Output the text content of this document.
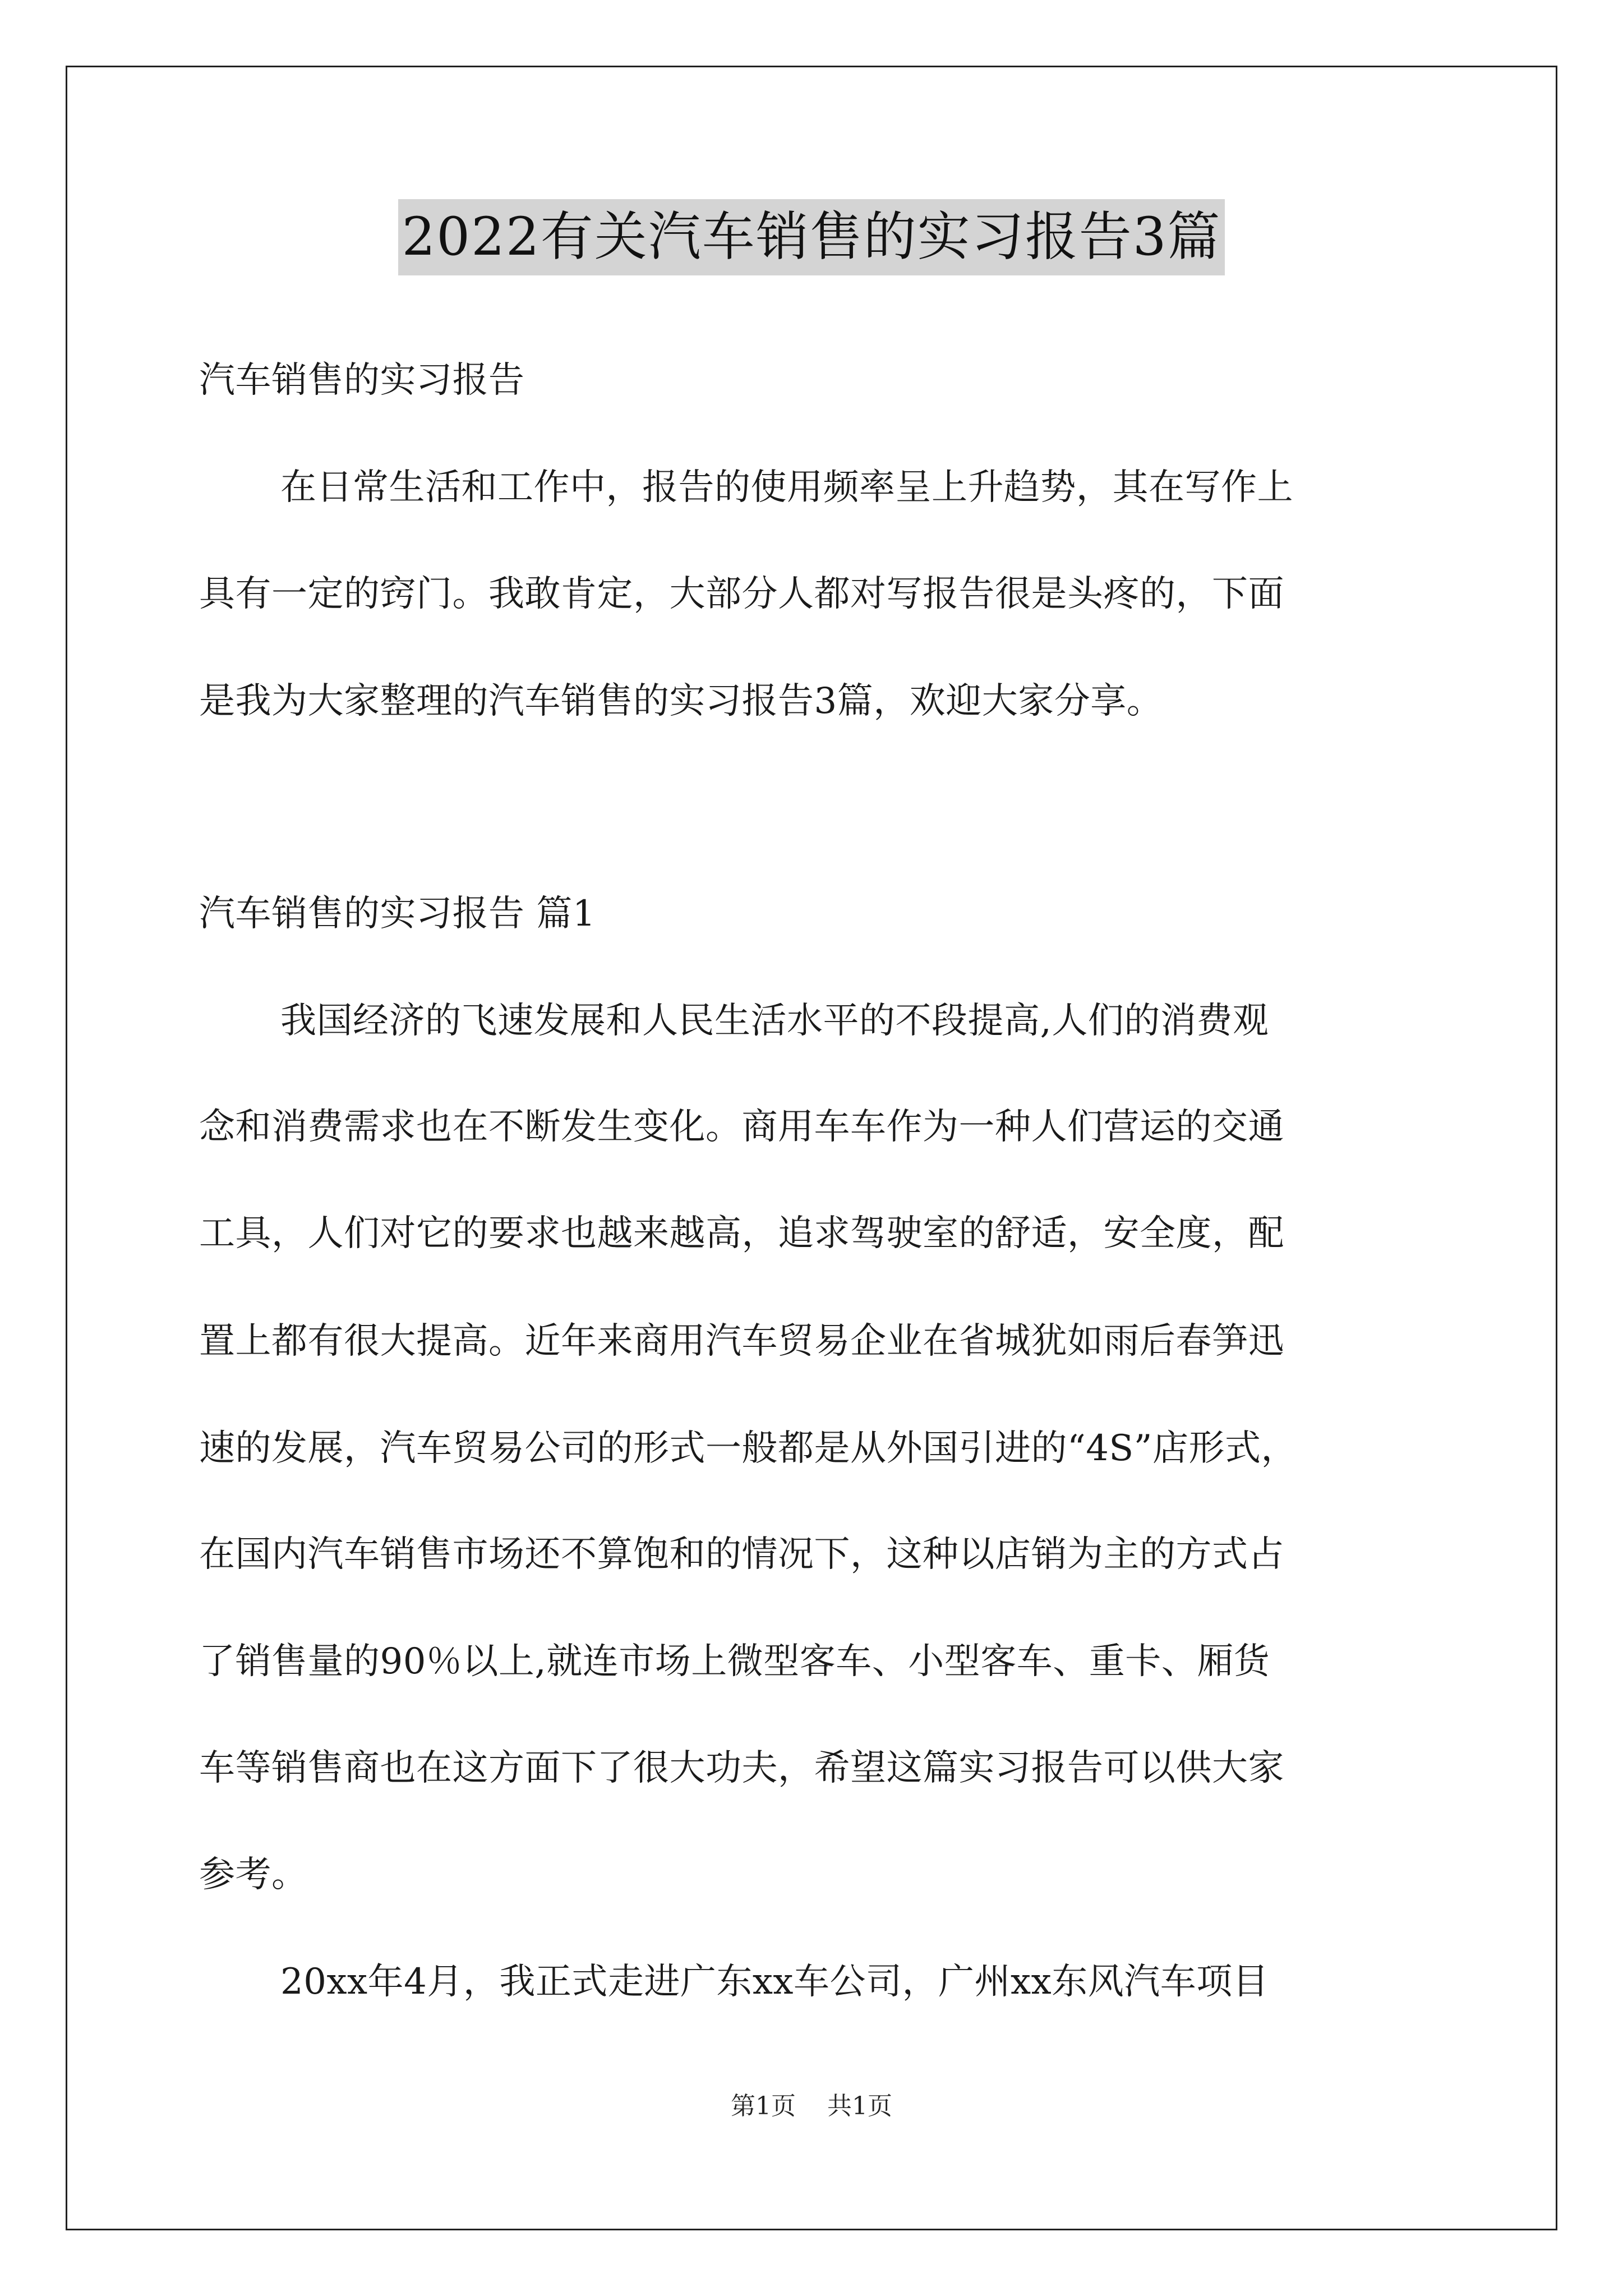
2022有关汽车销售的实习报告3篇
汽车销售的实习报告
在日常生活和工作中，报告的使用频率呈上升趋势，其在写作上
具有一定的窍门。我敢肯定，大部分人都对写报告很是头疼的，下面
是我为大家整理的汽车销售的实习报告3篇，欢迎大家分享。
汽车销售的实习报告 篇1
我国经济的飞速发展和人民生活水平的不段提高,人们的消费观
念和消费需求也在不断发生变化。商用车车作为一种人们营运的交通
工具，人们对它的要求也越来越高，追求驾驶室的舒适，安全度，配
置上都有很大提高。近年来商用汽车贸易企业在省城犹如雨后春笋迅
速的发展，汽车贸易公司的形式一般都是从外国引进的“4S”店形式，
在国内汽车销售市场还不算饱和的情况下，这种以店销为主的方式占
了销售量的90％以上,就连市场上微型客车、小型客车、重卡、厢货
车等销售商也在这方面下了很大功夫，希望这篇实习报告可以供大家
参考。
20xx年4月，我正式走进广东xx车公司，广州xx东风汽车项目
第1页    共1页
